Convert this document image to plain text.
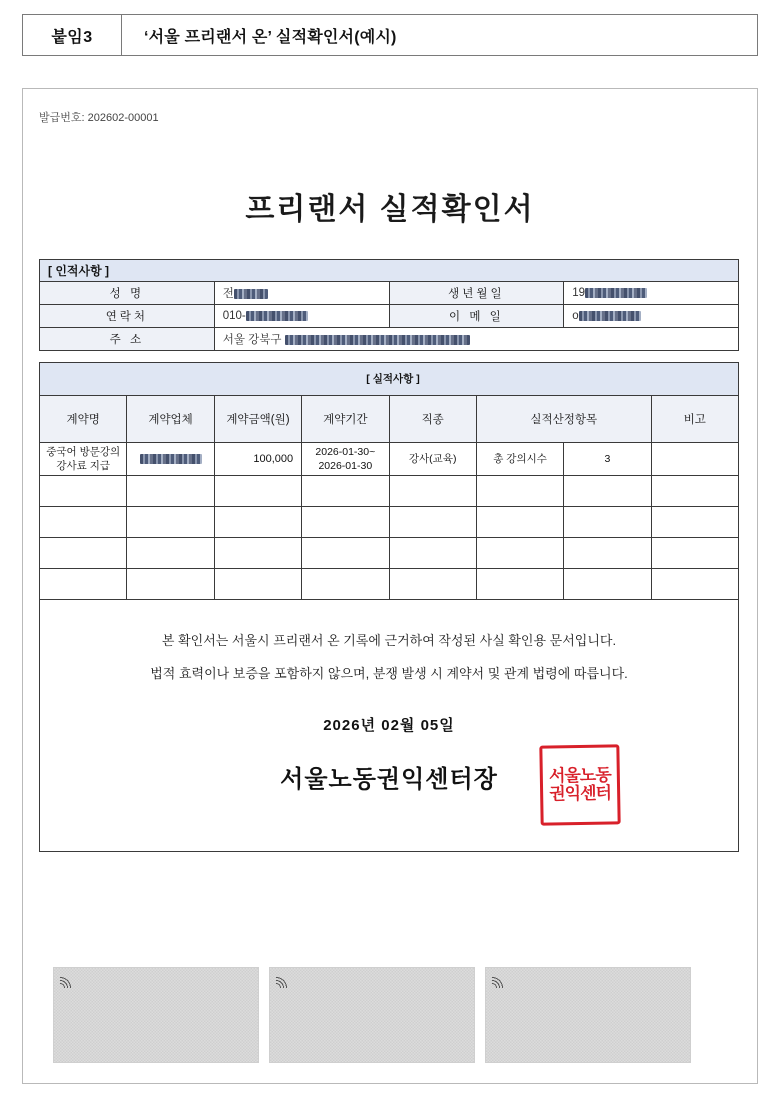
붙임3	‘서울 프리랜서 온’ 실적확인서(예시)
발급번호: 202602-00001
프리랜서 실적확인서
[ 인적사항 ]			
성 명	전	생년월일	19
연락처	010-	이 메 일	o
주 소	서울 강북구		
[ 실적사항 ]							
계약명	계약업체	계약금액(원)	계약기간	직종	실적산정항목		비고
중국어 방문강의 강사료 지급		100,000	2026-01-30~ 2026-01-30	강사(교육)	총 강의시수	3	

본 확인서는 서울시 프리랜서 온 기록에 근거하여 작성된 사실 확인용 문서입니다.

법적 효력이나 보증을 포함하지 않으며, 분쟁 발생 시 계약서 및 관계 법령에 따릅니다.

2026년 02월 05일
서울노동권익센터장	서울노동
권익센터
